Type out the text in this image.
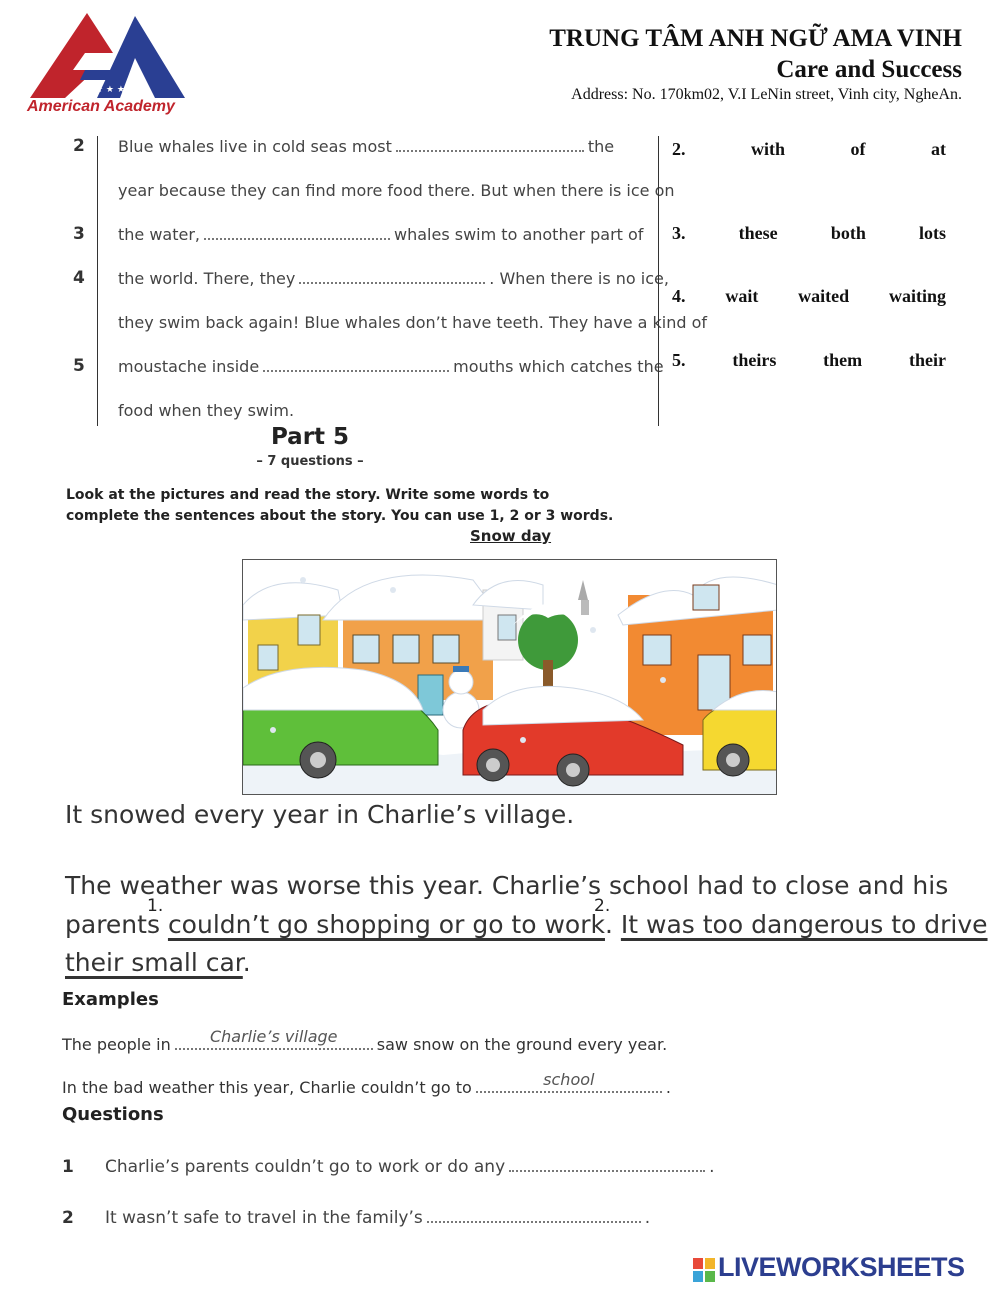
★ ★ ★ ★ ★
American Academy
TRUNG TÂM ANH NGỮ AMA VINH
Care and Success
Address: No. 170km02, V.I LeNin street, Vinh city, NgheAn.
2
3
4
5
Blue whales live in cold seas most	the
year because they can find more food there. But when there is ice on
the water,	whales swim to another part of
the world. There, they	. When there is no ice,
they swim back again! Blue whales don’t have teeth. They have a kind of
moustache inside	mouths which catches the
food when they swim.
2.	with	of	at
3.	these	both	lots
4. wait waited waiting
5.	theirs	them	their
Part 5
– 7 questions –
Look at the pictures and read the story. Write some words to
complete the sentences about the story. You can use 1, 2 or 3 words.
Snow day
It snowed every year in Charlie’s village.
The weather was worse this year. Charlie’s school had to close and his
parents couldn’t go shopping or go to work. It was too dangerous to drive
their small car.
1.	2.
Examples
The people in	Charlie’s village	saw snow on the ground every year.
In the bad weather this year, Charlie couldn’t go to	school	.
Questions
1 Charlie’s parents couldn’t go to work or do any	.
2 It wasn’t safe to travel in the family’s	.
LIVEWORKSHEETS
